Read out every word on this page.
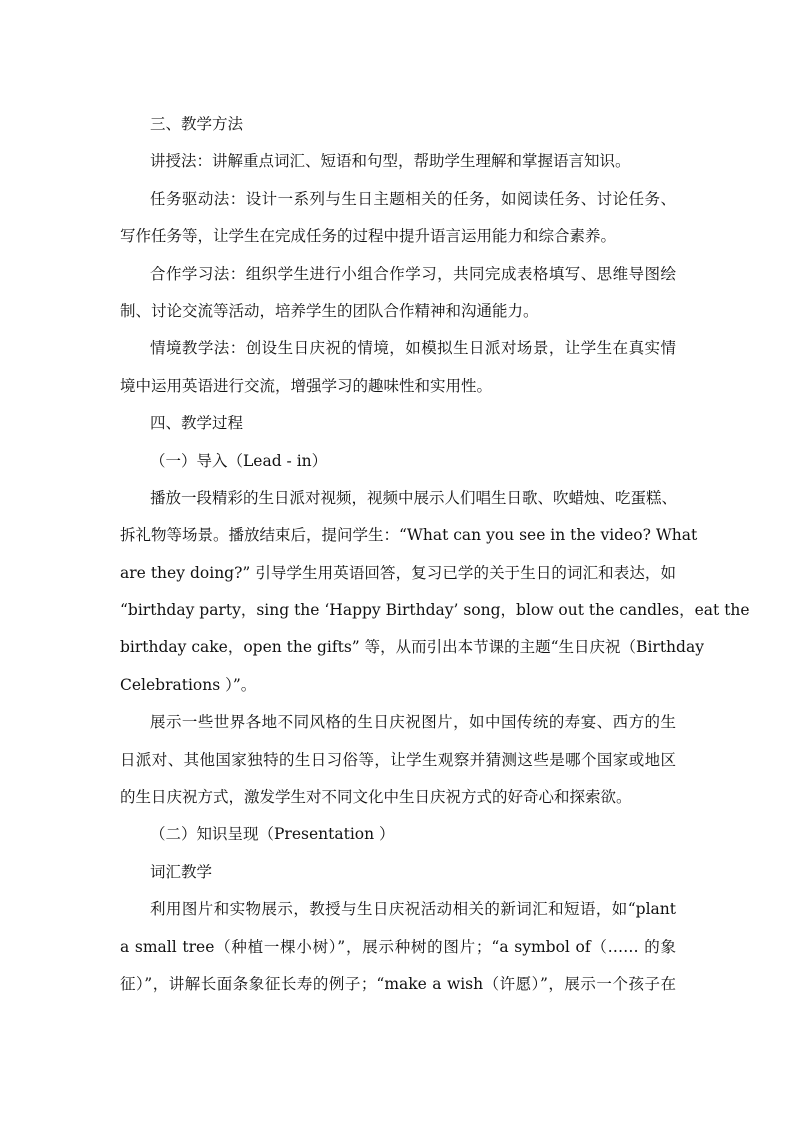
三、教学方法
讲授法：讲解重点词汇、短语和句型，帮助学生理解和掌握语言知识。
任务驱动法：设计一系列与生日主题相关的任务，如阅读任务、讨论任务、
写作任务等，让学生在完成任务的过程中提升语言运用能力和综合素养。
合作学习法：组织学生进行小组合作学习，共同完成表格填写、思维导图绘
制、讨论交流等活动，培养学生的团队合作精神和沟通能力。
情境教学法：创设生日庆祝的情境，如模拟生日派对场景，让学生在真实情
境中运用英语进行交流，增强学习的趣味性和实用性。
四、教学过程
（一）导入（Lead - in）
播放一段精彩的生日派对视频，视频中展示人们唱生日歌、吹蜡烛、吃蛋糕、
拆礼物等场景。播放结束后，提问学生：“What can you see in the video? What
are they doing?” 引导学生用英语回答，复习已学的关于生日的词汇和表达，如
“birthday party，sing the ‘Happy Birthday’ song，blow out the candles，eat the
birthday cake，open the gifts” 等，从而引出本节课的主题“生日庆祝（Birthday
Celebrations ）”。
展示一些世界各地不同风格的生日庆祝图片，如中国传统的寿宴、西方的生
日派对、其他国家独特的生日习俗等，让学生观察并猜测这些是哪个国家或地区
的生日庆祝方式，激发学生对不同文化中生日庆祝方式的好奇心和探索欲。
（二）知识呈现（Presentation ）
词汇教学
利用图片和实物展示，教授与生日庆祝活动相关的新词汇和短语，如“plant
a small tree（种植一棵小树）”，展示种树的图片；“a symbol of（…… 的象
征）”，讲解长面条象征长寿的例子；“make a wish（许愿）”，展示一个孩子在
